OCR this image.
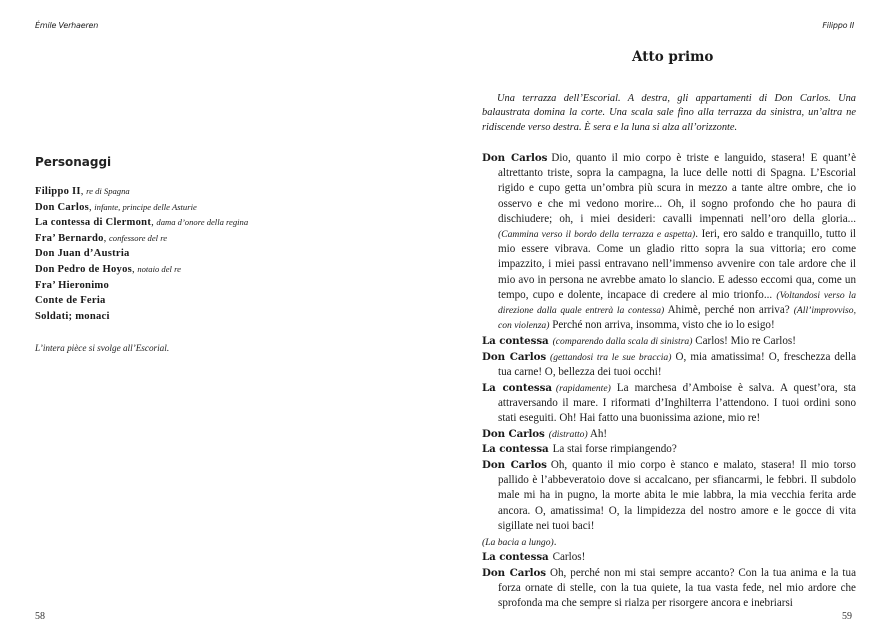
Émile Verhaeren
Personaggi
Filippo II, re di Spagna
Don Carlos, infante, principe delle Asturie
La contessa di Clermont, dama d’onore della regina
Fra’ Bernardo, confessore del re
Don Juan d’Austria
Don Pedro de Hoyos, notaio del re
Fra’ Hieronimo
Conte de Feria
Soldati; monaci
L’intera pièce si svolge all’Escorial.
58
Filippo II
Atto primo

Una terrazza dell’Escorial. A destra, gli appartamenti di Don Carlos. Una balaustrata domina la corte. Una scala sale fino alla terrazza da sinistra, un’altra ne ridiscende verso destra. È sera e la luna si alza all’orizzonte.

Don Carlos Dio, quanto il mio corpo è triste e languido, stasera! E quant’è altrettanto triste, sopra la campagna, la luce delle notti di Spagna. L’Escorial rigido e cupo getta un’ombra più scura in mezzo a tante altre ombre, che io osservo e che mi vedono morire... Oh, il sogno profondo che ho paura di dischiudere; oh, i miei desideri: cavalli impennati nell’oro della gloria... (Cammina verso il bordo della terrazza e aspetta). Ieri, ero saldo e tranquillo, tutto il mio essere vibrava. Come un gladio ritto sopra la sua vittoria; ero come impazzito, i miei passi entravano nell’immenso avvenire con tale ardore che il mio avo in persona ne avrebbe amato lo slancio. E adesso eccomi qua, come un tempo, cupo e dolente, incapace di credere al mio trionfo... (Voltandosi verso la direzione dalla quale entrerà la contessa) Ahimè, perché non arriva? (All’improvviso, con violenza) Perché non arriva, insomma, visto che io lo esigo!

La contessa (comparendo dalla scala di sinistra) Carlos! Mio re Carlos!

Don Carlos (gettandosi tra le sue braccia) O, mia amatissima! O, freschezza della tua carne! O, bellezza dei tuoi occhi!

La contessa (rapidamente) La marchesa d’Amboise è salva. A quest’ora, sta attraversando il mare. I riformati d’Inghilterra l’attendono. I tuoi ordini sono stati eseguiti. Oh! Hai fatto una buonissima azione, mio re!

Don Carlos (distratto) Ah!

La contessa La stai forse rimpiangendo?

Don Carlos Oh, quanto il mio corpo è stanco e malato, stasera! Il mio torso pallido è l’abbeveratoio dove si accalcano, per sfiancarmi, le febbri. Il subdolo male mi ha in pugno, la morte abita le mie labbra, la mia vecchia ferita arde ancora. O, amatissima! O, la limpidezza del nostro amore e le gocce di vita sigillate nei tuoi baci!

(La bacia a lungo).

La contessa Carlos!

Don Carlos Oh, perché non mi stai sempre accanto? Con la tua anima e la tua forza ornate di stelle, con la tua quiete, la tua vasta fede, nel mio ardore che sprofonda ma che sempre si rialza per risorgere ancora e inebriarsi

59
